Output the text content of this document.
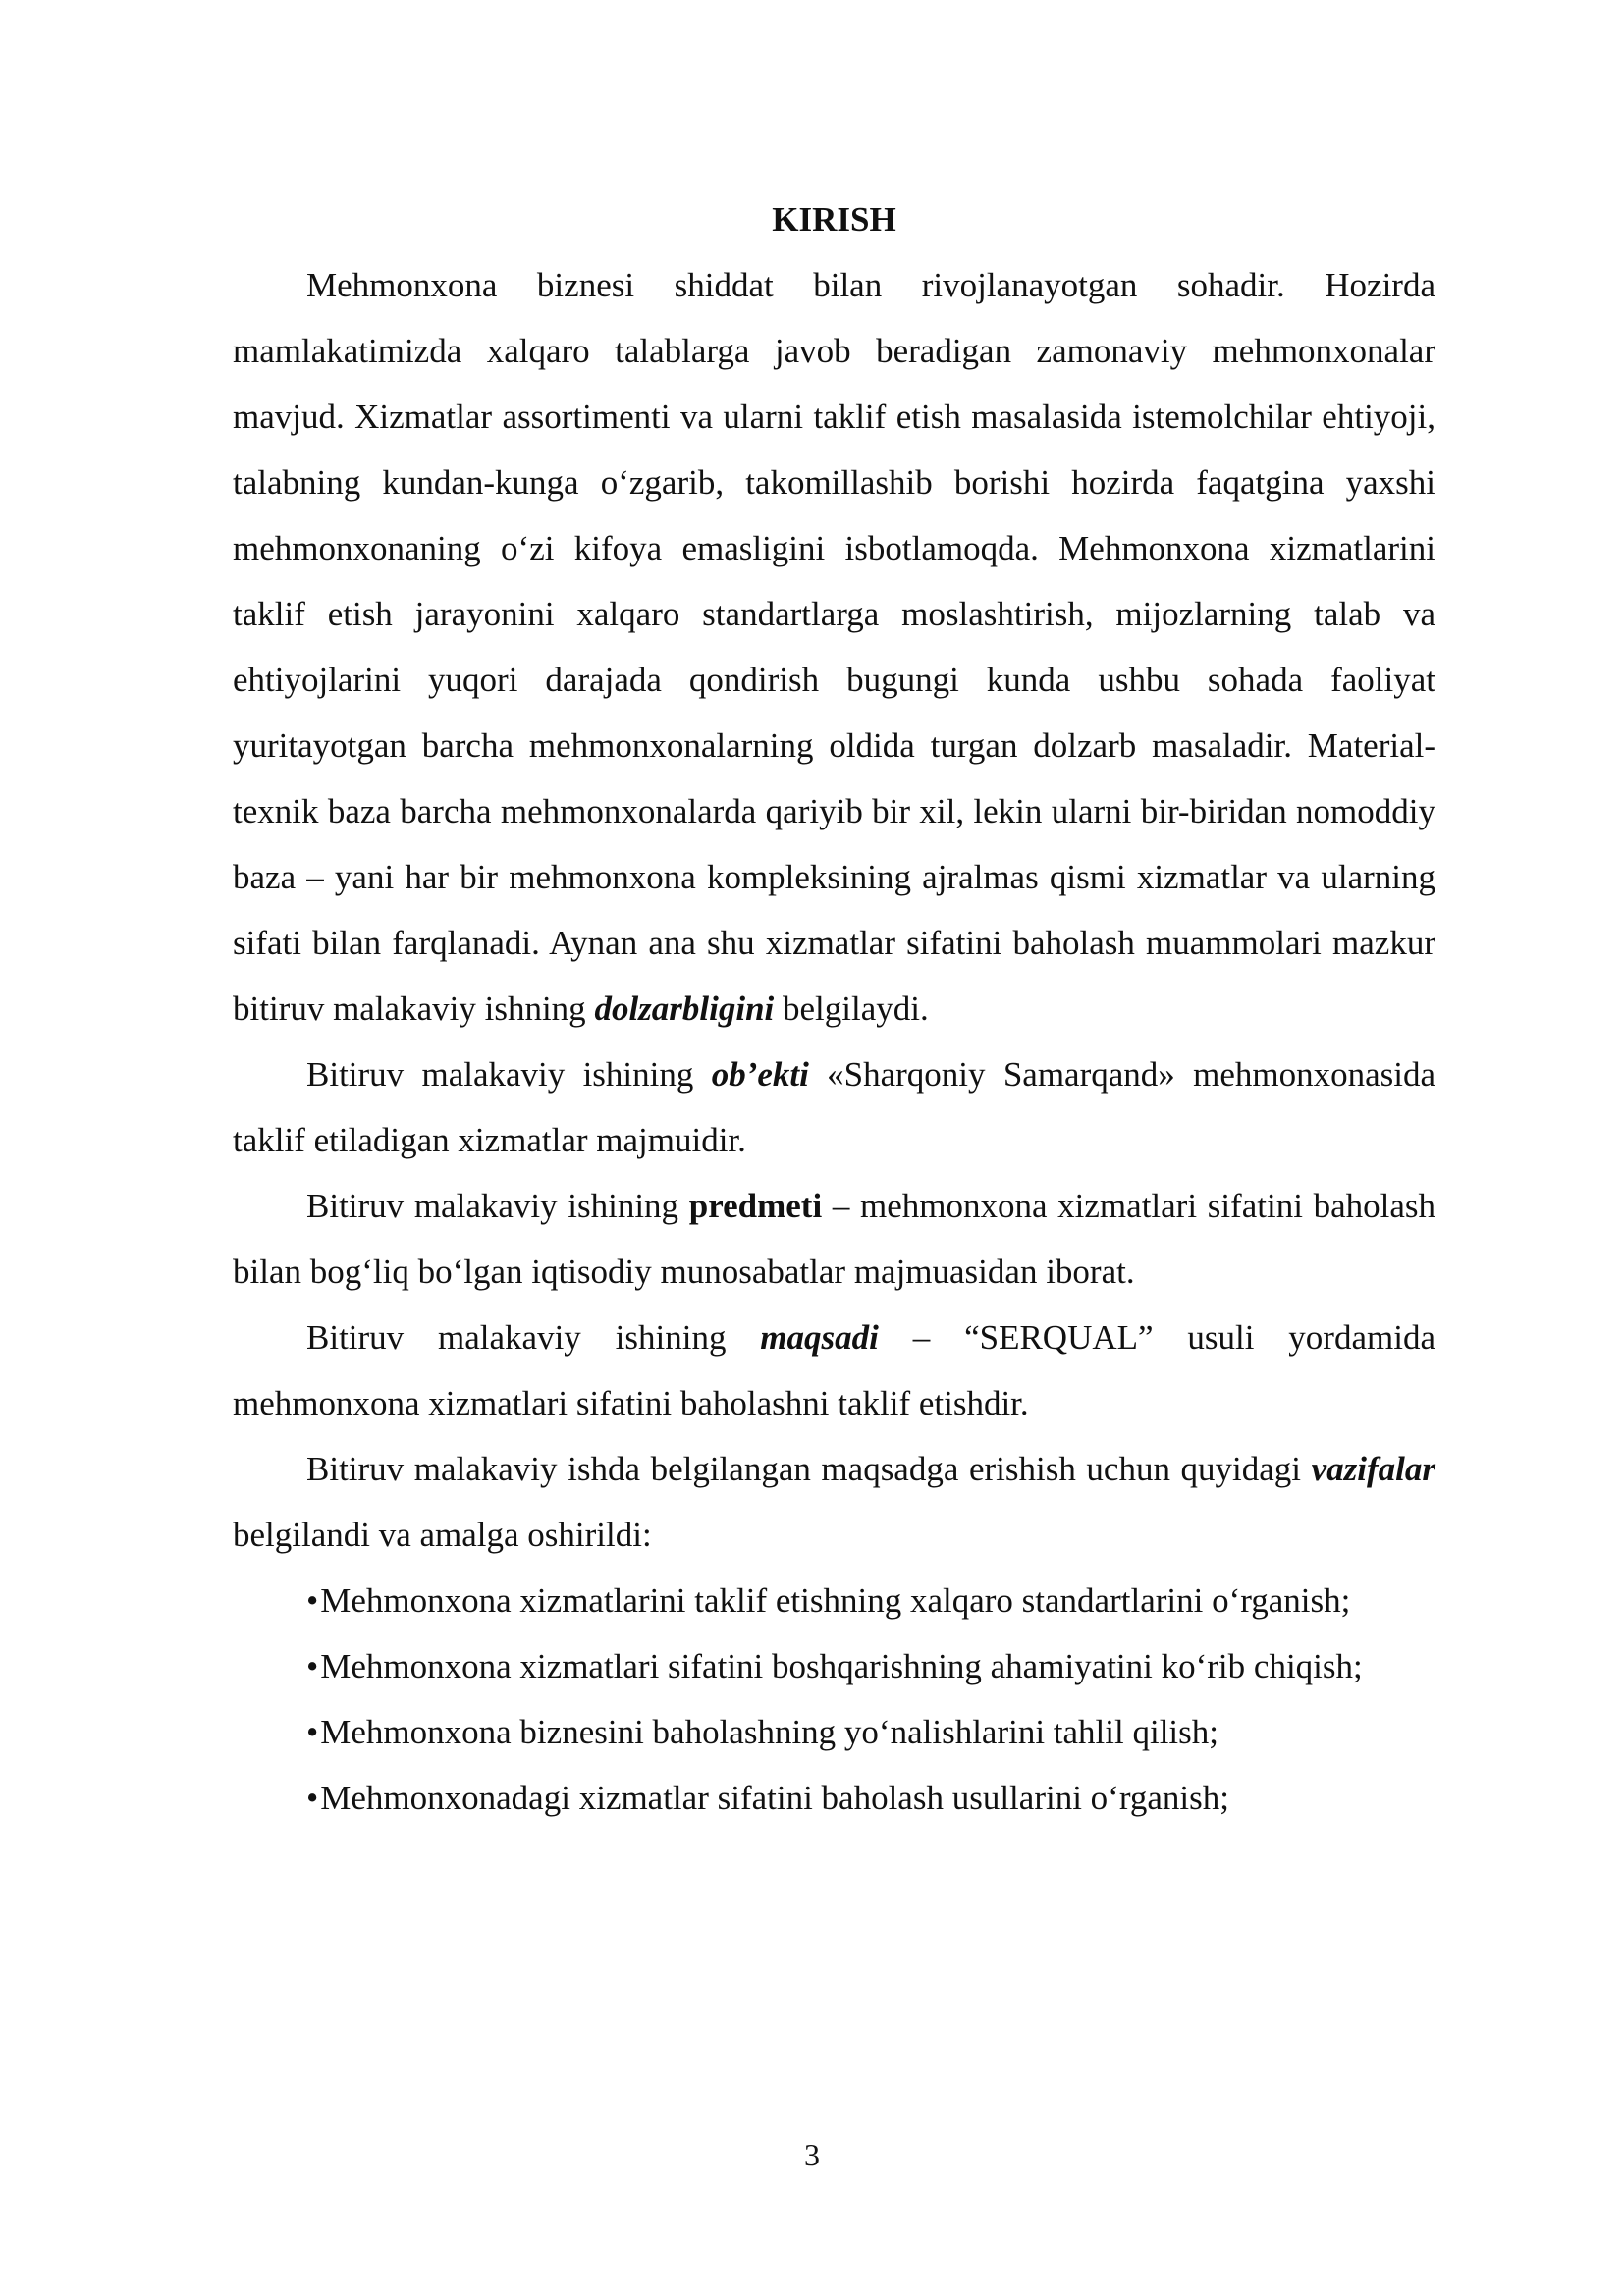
KIRISH

Mehmonxona biznesi shiddat bilan rivojlanayotgan sohadir. Hozirda mamlakatimizda xalqaro talablarga javob beradigan zamonaviy mehmonxonalar mavjud. Xizmatlar assortimenti va ularni taklif etish masalasida istemolchilar ehtiyoji, talabning kundan-kunga o‘zgarib, takomillashib borishi hozirda faqatgina yaxshi mehmonxonaning o‘zi kifoya emasligini isbotlamoqda. Mehmonxona xizmatlarini taklif etish jarayonini xalqaro standartlarga moslashtirish, mijozlarning talab va ehtiyojlarini yuqori darajada qondirish bugungi kunda ushbu sohada faoliyat yuritayotgan barcha mehmonxonalarning oldida turgan dolzarb masaladir. Material-texnik baza barcha mehmonxonalarda qariyib bir xil, lekin ularni bir-biridan nomoddiy baza – yani har bir mehmonxona kompleksining ajralmas qismi xizmatlar va ularning sifati bilan farqlanadi. Aynan ana shu xizmatlar sifatini baholash muammolari mazkur bitiruv malakaviy ishning dolzarbligini belgilaydi.

Bitiruv malakaviy ishining ob’ekti «Sharqoniy Samarqand» mehmonxonasida taklif etiladigan xizmatlar majmuidir.

Bitiruv malakaviy ishining predmeti – mehmonxona xizmatlari sifatini baholash bilan bog‘liq bo‘lgan iqtisodiy munosabatlar majmuasidan iborat.

Bitiruv malakaviy ishining maqsadi – “SERQUAL” usuli yordamida mehmonxona xizmatlari sifatini baholashni taklif etishdir.

Bitiruv malakaviy ishda belgilangan maqsadga erishish uchun quyidagi vazifalar belgilandi va amalga oshirildi:

• Mehmonxona xizmatlarini taklif etishning xalqaro standartlarini o‘rganish;

• Mehmonxona xizmatlari sifatini boshqarishning ahamiyatini ko‘rib chiqish;

• Mehmonxona biznesini baholashning yo‘nalishlarini tahlil qilish;

• Mehmonxonadagi xizmatlar sifatini baholash usullarini o‘rganish;

3
